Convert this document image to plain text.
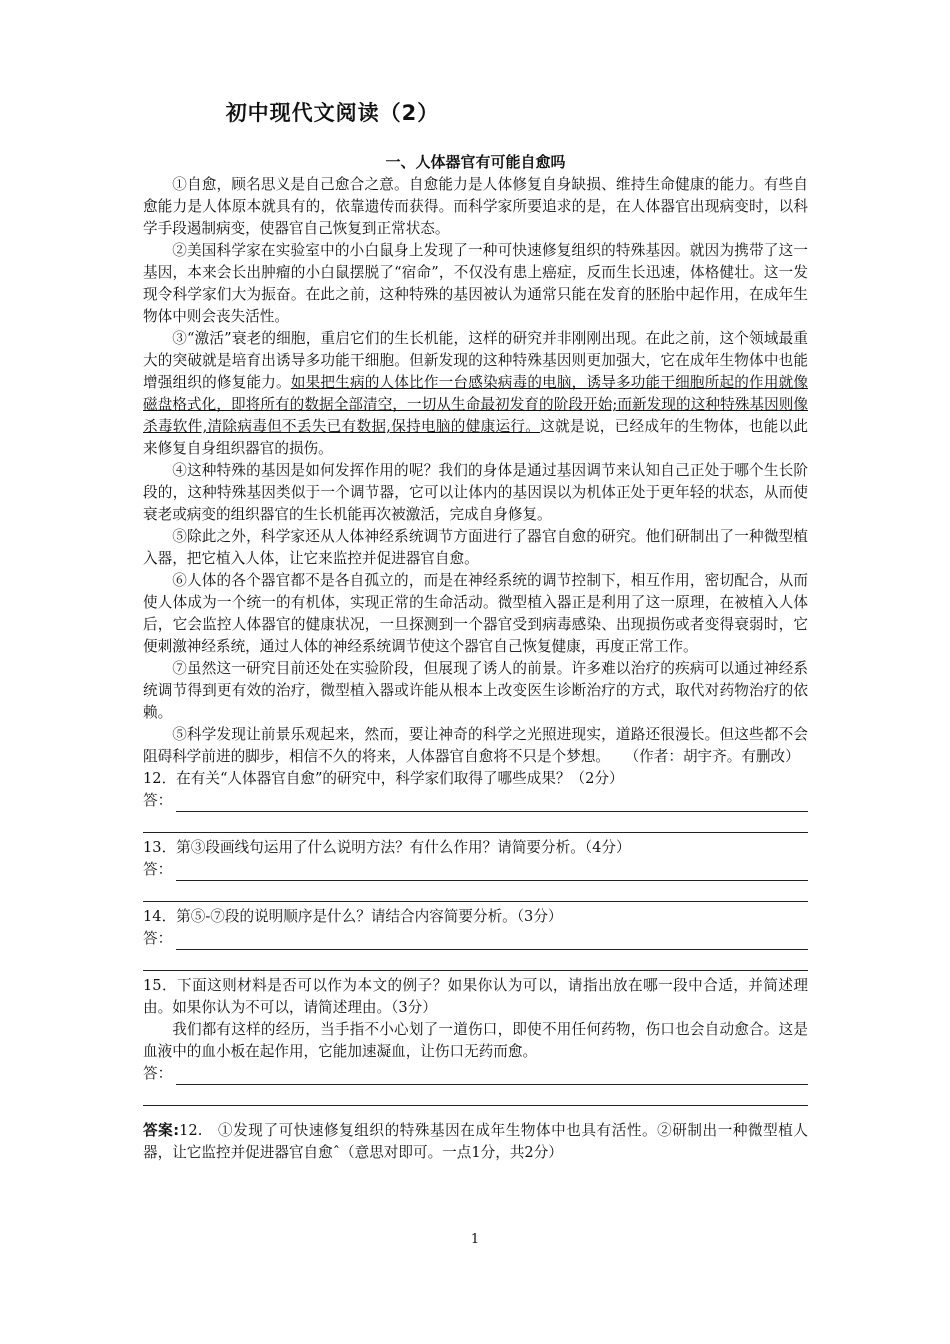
初中现代文阅读（2）
一、人体器官有可能自愈吗

①自愈，顾名思义是自己愈合之意。自愈能力是人体修复自身缺损、维持生命健康的能力。有些自愈能力是人体原本就具有的，依靠遗传而获得。而科学家所要追求的是，在人体器官出现病变时，以科学手段遏制病变，使器官自己恢复到正常状态。

②美国科学家在实验室中的小白鼠身上发现了一种可快速修复组织的特殊基因。就因为携带了这一基因，本来会长出肿瘤的小白鼠摆脱了“宿命”，不仅没有患上癌症，反而生长迅速，体格健壮。这一发现令科学家们大为振奋。在此之前，这种特殊的基因被认为通常只能在发育的胚胎中起作用，在成年生物体中则会丧失活性。

③“激活”衰老的细胞，重启它们的生长机能，这样的研究并非刚刚出现。在此之前，这个领域最重大的突破就是培育出诱导多功能干细胞。但新发现的这种特殊基因则更加强大，它在成年生物体中也能增强组织的修复能力。如果把生病的人体比作一台感染病毒的电脑，诱导多功能干细胞所起的作用就像磁盘格式化，即将所有的数据全部清空，一切从生命最初发育的阶段开始;而新发现的这种特殊基因则像杀毒软件,清除病毒但不丢失已有数据,保持电脑的健康运行。这就是说，已经成年的生物体，也能以此来修复自身组织器官的损伤。

④这种特殊的基因是如何发挥作用的呢？我们的身体是通过基因调节来认知自己正处于哪个生长阶段的，这种特殊基因类似于一个调节器，它可以让体内的基因误以为机体正处于更年轻的状态，从而使衰老或病变的组织器官的生长机能再次被激活，完成自身修复。

⑤除此之外，科学家还从人体神经系统调节方面进行了器官自愈的研究。他们研制出了一种微型植入器，把它植入人体，让它来监控并促进器官自愈。

⑥人体的各个器官都不是各自孤立的，而是在神经系统的调节控制下，相互作用，密切配合，从而使人体成为一个统一的有机体，实现正常的生命活动。微型植入器正是利用了这一原理，在被植入人体后，它会监控人体器官的健康状况，一旦探测到一个器官受到病毒感染、出现损伤或者变得衰弱时，它便刺激神经系统，通过人体的神经系统调节使这个器官自己恢复健康，再度正常工作。

⑦虽然这一研究目前还处在实验阶段，但展现了诱人的前景。许多难以治疗的疾病可以通过神经系统调节得到更有效的治疗，微型植入器或许能从根本上改变医生诊断治疗的方式，取代对药物治疗的依赖。

⑤科学发现让前景乐观起来，然而，要让神奇的科学之光照进现实，道路还很漫长。但这些都不会阻碍科学前进的脚步，相信不久的将来，人体器官自愈将不只是个梦想。　　（作者：胡宇齐。有删改）

12．在有关“人体器官自愈”的研究中，科学家们取得了哪些成果？（2分）
答：
13．第③段画线句运用了什么说明方法？有什么作用？请简要分析。（4分）
答：
14．第⑤-⑦段的说明顺序是什么？请结合内容简要分析。（3分）
答：
15．下面这则材料是否可以作为本文的例子？如果你认为可以，请指出放在哪一段中合适，并简述理由。如果你认为不可以，请简述理由。（3分）

我们都有这样的经历，当手指不小心划了一道伤口，即使不用任何药物，伤口也会自动愈合。这是血液中的血小板在起作用，它能加速凝血，让伤口无药而愈。

答：
答案:12.　①发现了可快速修复组织的特殊基因在成年生物体中也具有活性。②研制出一种微型植人器，让它监控并促进器官自愈ˆ（意思对即可。一点1分，共2分）
1
